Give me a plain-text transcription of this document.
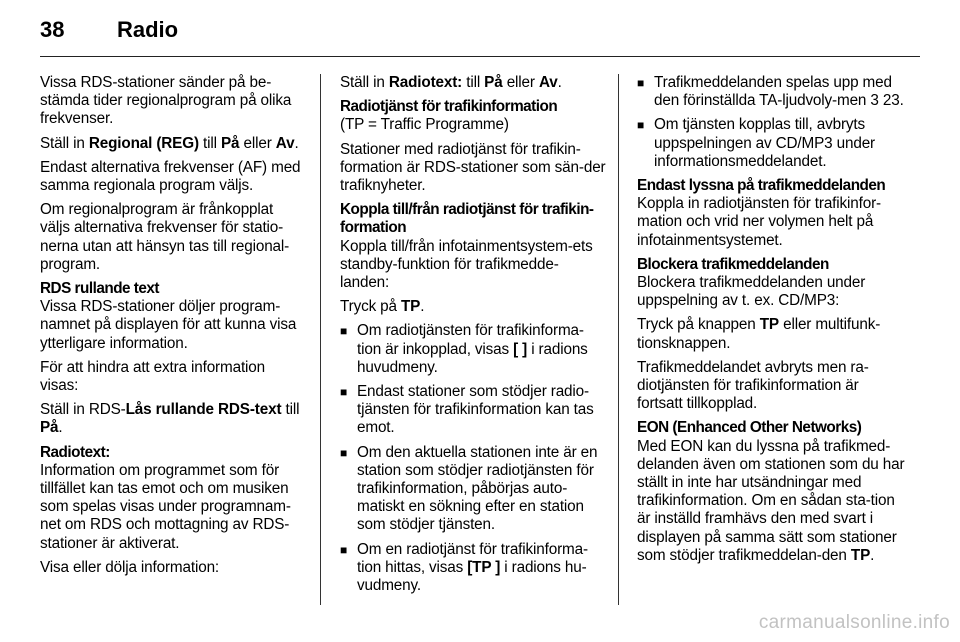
38 Radio

Vissa RDS-stationer sänder på be-stämda tider regionalprogram på olika frekvenser.

Ställ in Regional (REG) till På eller Av.

Endast alternativa frekvenser (AF) med samma regionala program väljs.

Om regionalprogram är frånkopplat väljs alternativa frekvenser för statio-nerna utan att hänsyn tas till regional-program.

RDS rullande text

Vissa RDS-stationer döljer program-namnet på displayen för att kunna visa ytterligare information.

För att hindra att extra information visas:

Ställ in RDS-Lås rullande RDS-text till På.

Radiotext:

Information om programmet som för tillfället kan tas emot och om musiken som spelas visas under programnam-net om RDS och mottagning av RDS-stationer är aktiverat.

Visa eller dölja information:

Ställ in Radiotext: till På eller Av.

Radiotjänst för trafikinformation

(TP = Traffic Programme)

Stationer med radiotjänst för trafikin-formation är RDS-stationer som sän-der trafiknyheter.

Koppla till/från radiotjänst för trafikin-formation

Koppla till/från infotainmentsystem-ets standby-funktion för trafikmedde-landen:

Tryck på TP.

■ Om radiotjänsten för trafikinforma-tion är inkopplad, visas [ ] i radions huvudmeny.
■ Endast stationer som stödjer radio-tjänsten för trafikinformation kan tas emot.
■ Om den aktuella stationen inte är en station som stödjer radiotjänsten för trafikinformation, påbörjas auto-matiskt en sökning efter en station som stödjer tjänsten.
■ Om en radiotjänst för trafikinforma-tion hittas, visas [TP ] i radions hu-vudmeny.
■ Trafikmeddelanden spelas upp med den förinställda TA-ljudvoly-men 3 23.
■ Om tjänsten kopplas till, avbryts uppspelningen av CD/MP3 under informationsmeddelandet.
Endast lyssna på trafikmeddelanden

Koppla in radiotjänsten för trafikinfor-mation och vrid ner volymen helt på infotainmentsystemet.

Blockera trafikmeddelanden

Blockera trafikmeddelanden under uppspelning av t. ex. CD/MP3:

Tryck på knappen TP eller multifunk-tionsknappen.

Trafikmeddelandet avbryts men ra-diotjänsten för trafikinformation är fortsatt tillkopplad.

EON (Enhanced Other Networks)

Med EON kan du lyssna på trafikmed-delanden även om stationen som du har ställt in inte har utsändningar med trafikinformation. Om en sådan sta-tion är inställd framhävs den med svart i displayen på samma sätt som stationer som stödjer trafikmeddelan-den TP.

carmanualsonline.info
